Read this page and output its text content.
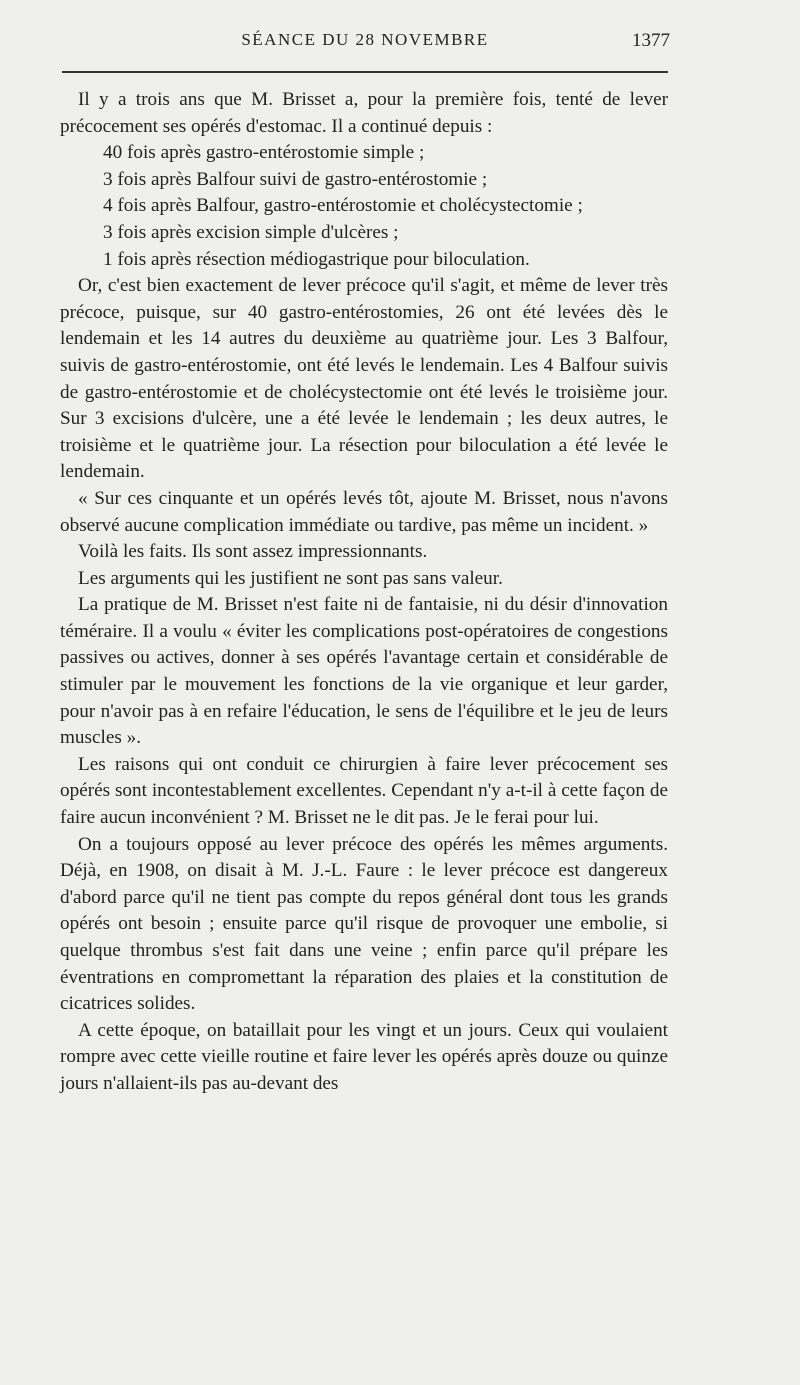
SÉANCE DU 28 NOVEMBRE	1377

Il y a trois ans que M. Brisset a, pour la première fois, tenté de lever précocement ses opérés d'estomac. Il a continué depuis :

40 fois après gastro-entérostomie simple ;

3 fois après Balfour suivi de gastro-entérostomie ;

4 fois après Balfour, gastro-entérostomie et cholécystectomie ;

3 fois après excision simple d'ulcères ;

1 fois après résection médiogastrique pour biloculation.

Or, c'est bien exactement de lever précoce qu'il s'agit, et même de lever très précoce, puisque, sur 40 gastro-entérostomies, 26 ont été levées dès le lendemain et les 14 autres du deuxième au quatrième jour. Les 3 Balfour, suivis de gastro-entérostomie, ont été levés le lendemain. Les 4 Balfour suivis de gastro-entérostomie et de cholécystectomie ont été levés le troisième jour. Sur 3 excisions d'ulcère, une a été levée le lendemain ; les deux autres, le troisième et le quatrième jour. La résection pour biloculation a été levée le lendemain.

« Sur ces cinquante et un opérés levés tôt, ajoute M. Brisset, nous n'avons observé aucune complication immédiate ou tardive, pas même un incident. »

Voilà les faits. Ils sont assez impressionnants.

Les arguments qui les justifient ne sont pas sans valeur.

La pratique de M. Brisset n'est faite ni de fantaisie, ni du désir d'innovation téméraire. Il a voulu « éviter les complications post-opératoires de congestions passives ou actives, donner à ses opérés l'avantage certain et considérable de stimuler par le mouvement les fonctions de la vie organique et leur garder, pour n'avoir pas à en refaire l'éducation, le sens de l'équilibre et le jeu de leurs muscles ».

Les raisons qui ont conduit ce chirurgien à faire lever précocement ses opérés sont incontestablement excellentes. Cependant n'y a-t-il à cette façon de faire aucun inconvénient ? M. Brisset ne le dit pas. Je le ferai pour lui.

On a toujours opposé au lever précoce des opérés les mêmes arguments. Déjà, en 1908, on disait à M. J.-L. Faure : le lever précoce est dangereux d'abord parce qu'il ne tient pas compte du repos général dont tous les grands opérés ont besoin ; ensuite parce qu'il risque de provoquer une embolie, si quelque thrombus s'est fait dans une veine ; enfin parce qu'il prépare les éventrations en compromettant la réparation des plaies et la constitution de cicatrices solides.

A cette époque, on bataillait pour les vingt et un jours. Ceux qui voulaient rompre avec cette vieille routine et faire lever les opérés après douze ou quinze jours n'allaient-ils pas au-devant des
